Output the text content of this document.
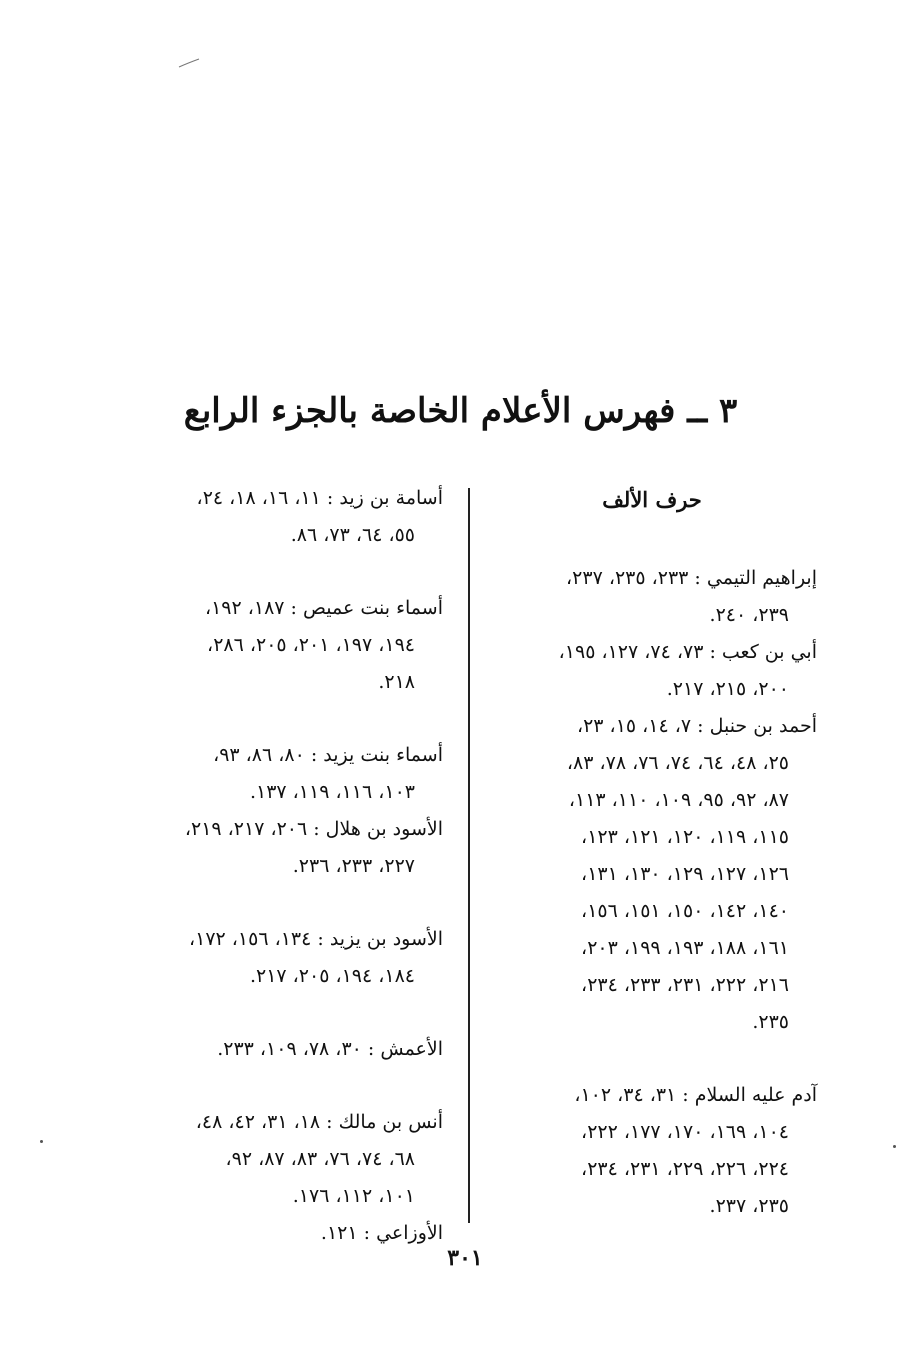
٣ ــ فهرس الأعلام الخاصة بالجزء الرابع
حرف الألف

إبراهيم التيمي : ٢٣٣، ٢٣٥، ٢٣٧،

٢٣٩، ٢٤٠.

أبي بن كعب : ٧٣، ٧٤، ١٢٧، ١٩٥،

٢٠٠، ٢١٥، ٢١٧.

أحمد بن حنبل : ٧، ١٤، ١٥، ٢٣،

٢٥، ٤٨، ٦٤، ٧٤، ٧٦، ٧٨، ٨٣،

٨٧، ٩٢، ٩٥، ١٠٩، ١١٠، ١١٣،

١١٥، ١١٩، ١٢٠، ١٢١، ١٢٣،

١٢٦، ١٢٧، ١٢٩، ١٣٠، ١٣١،

١٤٠، ١٤٢، ١٥٠، ١٥١، ١٥٦،

١٦١، ١٨٨، ١٩٣، ١٩٩، ٢٠٣،

٢١٦، ٢٢٢، ٢٣١، ٢٣٣، ٢٣٤،

٢٣٥.

آدم عليه السلام : ٣١، ٣٤، ١٠٢،

١٠٤، ١٦٩، ١٧٠، ١٧٧، ٢٢٢،

٢٢٤، ٢٢٦، ٢٢٩، ٢٣١، ٢٣٤،

٢٣٥، ٢٣٧.

أسامة بن زيد : ١١، ١٦، ١٨، ٢٤،

٥٥، ٦٤، ٧٣، ٨٦.

أسماء بنت عميص : ١٨٧، ١٩٢،

١٩٤، ١٩٧، ٢٠١، ٢٠٥، ٢٨٦،

٢١٨.

أسماء بنت يزيد : ٨٠، ٨٦، ٩٣،

١٠٣، ١١٦، ١١٩، ١٣٧.

الأسود بن هلال : ٢٠٦، ٢١٧، ٢١٩،

٢٢٧، ٢٣٣، ٢٣٦.

الأسود بن يزيد : ١٣٤، ١٥٦، ١٧٢،

١٨٤، ١٩٤، ٢٠٥، ٢١٧.

الأعمش : ٣٠، ٧٨، ١٠٩، ٢٣٣.

أنس بن مالك : ١٨، ٣١، ٤٢، ٤٨،

٦٨، ٧٤، ٧٦، ٨٣، ٨٧، ٩٢،

١٠١، ١١٢، ١٧٦.

الأوزاعي : ١٢١.

٣٠١
